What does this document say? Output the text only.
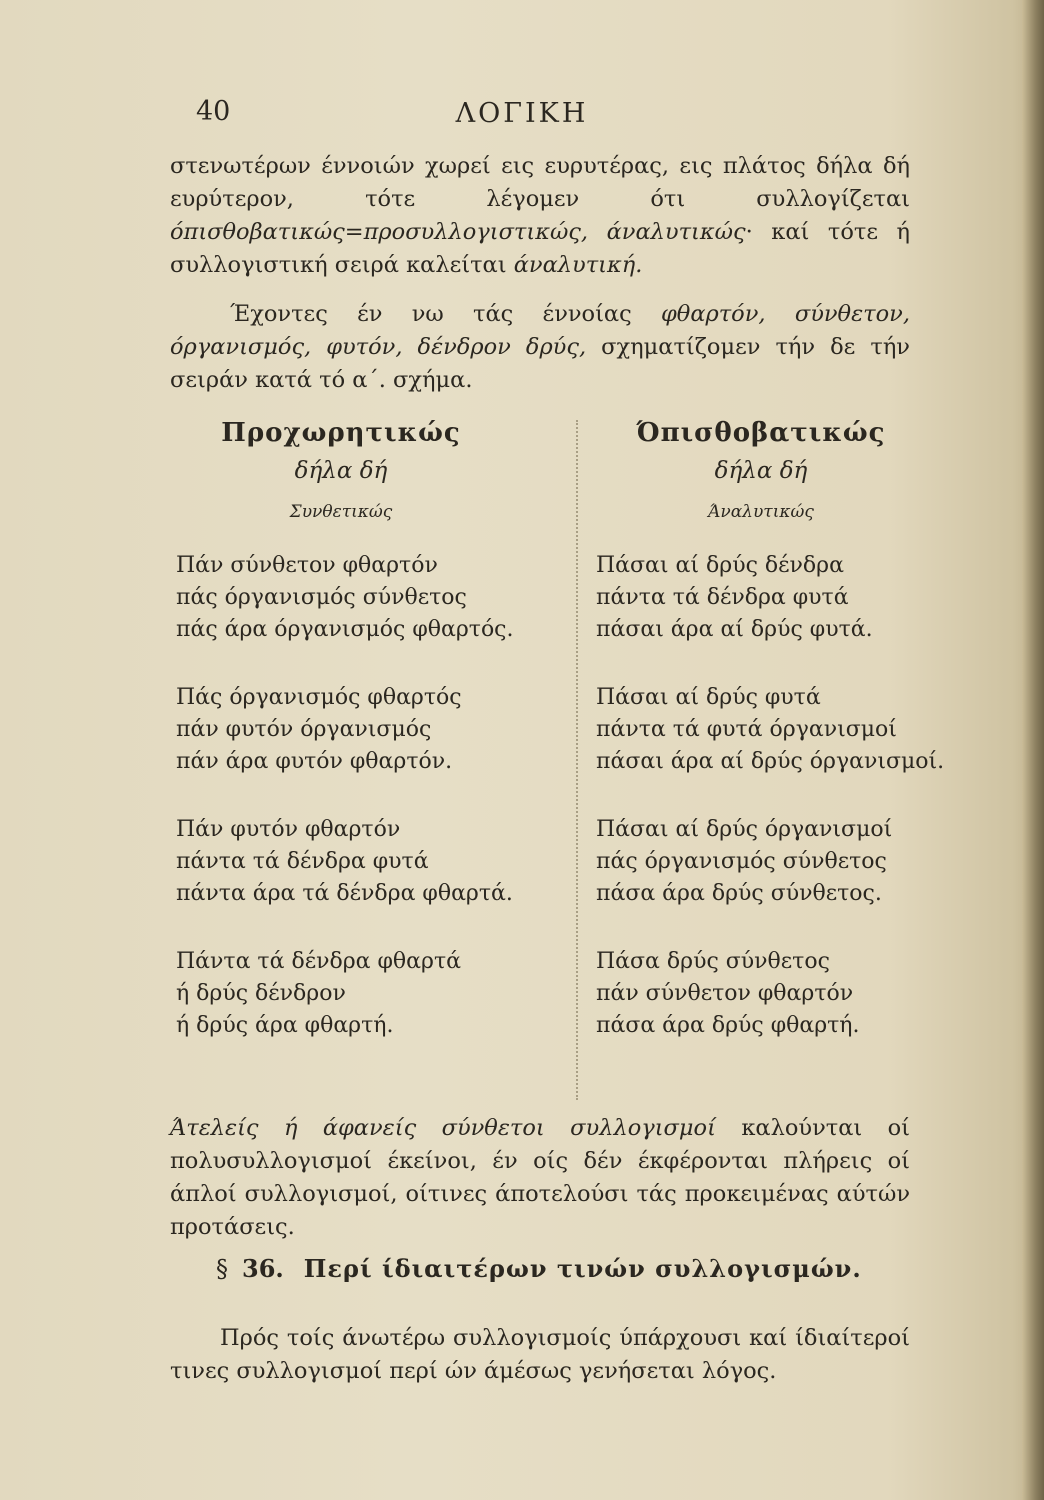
40	ΛΟΓΙΚΗ
στενωτέρων έννοιών χωρεί εις ευρυτέρας, εις πλάτος δήλα δή ευρύτερον, τότε λέγομεν ότι συλλογίζεται όπισθοβατικώς=προσυλλογιστικώς, άναλυτικώς· καί τότε ή συλλογιστική σειρά καλείται άναλυτική.
Έχοντες έν νω τάς έννοίας φθαρτόν, σύνθετον, όργανισμός, φυτόν, δένδρον δρύς, σχηματίζομεν τήν δε τήν σειράν κατά τό α΄. σχήμα.
Προχωρητικώς
δήλα δή
Συνθετικώς
Πάν σύνθετον φθαρτόν
πάς όργανισμός σύνθετος
πάς άρα όργανισμός φθαρτός.
Πάς όργανισμός φθαρτός
πάν φυτόν όργανισμός
πάν άρα φυτόν φθαρτόν.
Πάν φυτόν φθαρτόν
πάντα τά δένδρα φυτά
πάντα άρα τά δένδρα φθαρτά.
Πάντα τά δένδρα φθαρτά
ή δρύς δένδρον
ή δρύς άρα φθαρτή.
Όπισθοβατικώς
δήλα δή
Άναλυτικώς
Πάσαι αί δρύς δένδρα
πάντα τά δένδρα φυτά
πάσαι άρα αί δρύς φυτά.
Πάσαι αί δρύς φυτά
πάντα τά φυτά όργανισμοί
πάσαι άρα αί δρύς όργανισμοί.
Πάσαι αί δρύς όργανισμοί
πάς όργανισμός σύνθετος
πάσα άρα δρύς σύνθετος.
Πάσα δρύς σύνθετος
πάν σύνθετον φθαρτόν
πάσα άρα δρύς φθαρτή.
Άτελείς ή άφανείς σύνθετοι συλλογισμοί καλούνται οί πολυσυλλογισμοί έκείνοι, έν οίς δέν έκφέρονται πλήρεις οί άπλοί συλλογισμοί, οίτινες άποτελούσι τάς προκειμένας αύτών προτάσεις.
§ 36. Περί ίδιαιτέρων τινών συλλογισμών.
Πρός τοίς άνωτέρω συλλογισμοίς ύπάρχουσι καί ίδιαίτεροί τινες συλλογισμοί περί ών άμέσως γενήσεται λόγος.
